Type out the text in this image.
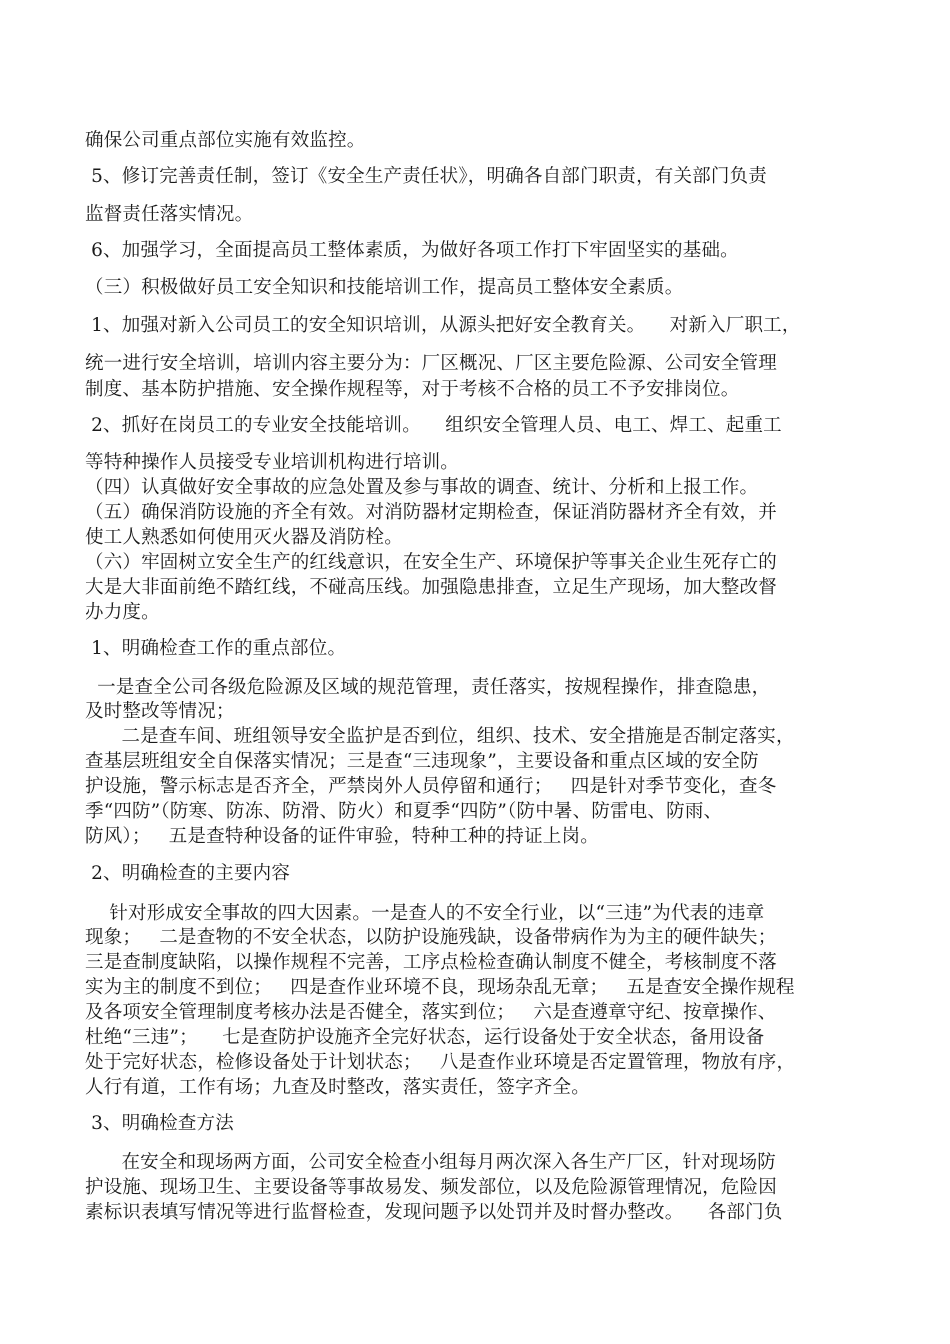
确保公司重点部位实施有效监控。
5、修订完善责任制，签订《安全生产责任状》，明确各自部门职责，有关部门负责
监督责任落实情况。
6、加强学习，全面提高员工整体素质，为做好各项工作打下牢固坚实的基础。
（三）积极做好员工安全知识和技能培训工作，提高员工整体安全素质。
1、加强对新入公司员工的安全知识培训，从源头把好安全教育关。    对新入厂职工，
统一进行安全培训，培训内容主要分为：厂区概况、厂区主要危险源、公司安全管理
制度、基本防护措施、安全操作规程等，对于考核不合格的员工不予安排岗位。
2、抓好在岗员工的专业安全技能培训。    组织安全管理人员、电工、焊工、起重工
等特种操作人员接受专业培训机构进行培训。
（四）认真做好安全事故的应急处置及参与事故的调查、统计、分析和上报工作。
（五）确保消防设施的齐全有效。对消防器材定期检查，保证消防器材齐全有效，并
使工人熟悉如何使用灭火器及消防栓。
（六）牢固树立安全生产的红线意识，在安全生产、环境保护等事关企业生死存亡的
大是大非面前绝不踏红线，不碰高压线。加强隐患排查，立足生产现场，加大整改督
办力度。
1、明确检查工作的重点部位。
一是查全公司各级危险源及区域的规范管理，责任落实，按规程操作，排查隐患，
及时整改等情况；
二是查车间、班组领导安全监护是否到位，组织、技术、安全措施是否制定落实，
查基层班组安全自保落实情况；三是查“三违现象”，主要设备和重点区域的安全防
护设施，警示标志是否齐全，严禁岗外人员停留和通行；   四是针对季节变化，查冬
季“四防”（防寒、防冻、防滑、防火）和夏季“四防”（防中暑、防雷电、防雨、
防风）；   五是查特种设备的证件审验，特种工种的持证上岗。
2、明确检查的主要内容
针对形成安全事故的四大因素。一是查人的不安全行业，以“三违”为代表的违章
现象；   二是查物的不安全状态，以防护设施残缺，设备带病作为为主的硬件缺失；
三是查制度缺陷，以操作规程不完善，工序点检检查确认制度不健全，考核制度不落
实为主的制度不到位；   四是查作业环境不良，现场杂乱无章；   五是查安全操作规程
及各项安全管理制度考核办法是否健全，落实到位；   六是查遵章守纪、按章操作、
杜绝“三违”；    七是查防护设施齐全完好状态，运行设备处于安全状态，备用设备
处于完好状态，检修设备处于计划状态；   八是查作业环境是否定置管理，物放有序，
人行有道，工作有场；九查及时整改，落实责任，签字齐全。
3、明确检查方法
在安全和现场两方面，公司安全检查小组每月两次深入各生产厂区，针对现场防
护设施、现场卫生、主要设备等事故易发、频发部位，以及危险源管理情况，危险因
素标识表填写情况等进行监督检查，发现问题予以处罚并及时督办整改。    各部门负
